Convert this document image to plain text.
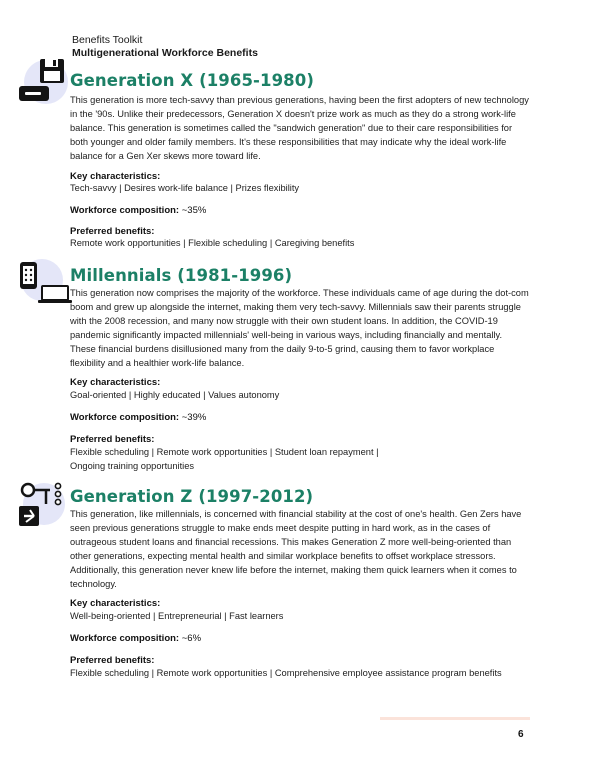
Benefits Toolkit
Multigenerational Workforce Benefits
Generation X (1965-1980)

This generation is more tech-savvy than previous generations, having been the first adopters of new technology in the '90s. Unlike their predecessors, Generation X doesn't prize work as much as they do a strong work-life balance. This generation is sometimes called the "sandwich generation" due to their care responsibilities for both younger and older family members. It's these responsibilities that may indicate why the ideal work-life balance for a Gen Xer skews more toward life.

Key characteristics:

Tech-savvy | Desires work-life balance | Prizes flexibility

Workforce composition: ~35%

Preferred benefits:

Remote work opportunities | Flexible scheduling | Caregiving benefits

Millennials (1981-1996)

This generation now comprises the majority of the workforce. These individuals came of age during the dot-com boom and grew up alongside the internet, making them very tech-savvy. Millennials saw their parents struggle with the 2008 recession, and many now struggle with their own student loans. In addition, the COVID-19 pandemic significantly impacted millennials' well-being in various ways, including financially and mentally. These financial burdens disillusioned many from the daily 9-to-5 grind, causing them to favor workplace flexibility and a healthier work-life balance.

Key characteristics:

Goal-oriented | Highly educated | Values autonomy

Workforce composition: ~39%

Preferred benefits:

Flexible scheduling | Remote work opportunities | Student loan repayment | Ongoing training opportunities

Generation Z (1997-2012)

This generation, like millennials, is concerned with financial stability at the cost of one's health. Gen Zers have seen previous generations struggle to make ends meet despite putting in hard work, as in the cases of outrageous student loans and financial recessions. This makes Generation Z more well-being-oriented than other generations, expecting mental health and similar workplace benefits to offset workplace stressors. Additionally, this generation never knew life before the internet, making them quick learners when it comes to technology.

Key characteristics:

Well-being-oriented | Entrepreneurial | Fast learners

Workforce composition: ~6%

Preferred benefits:

Flexible scheduling | Remote work opportunities | Comprehensive employee assistance program benefits

6
